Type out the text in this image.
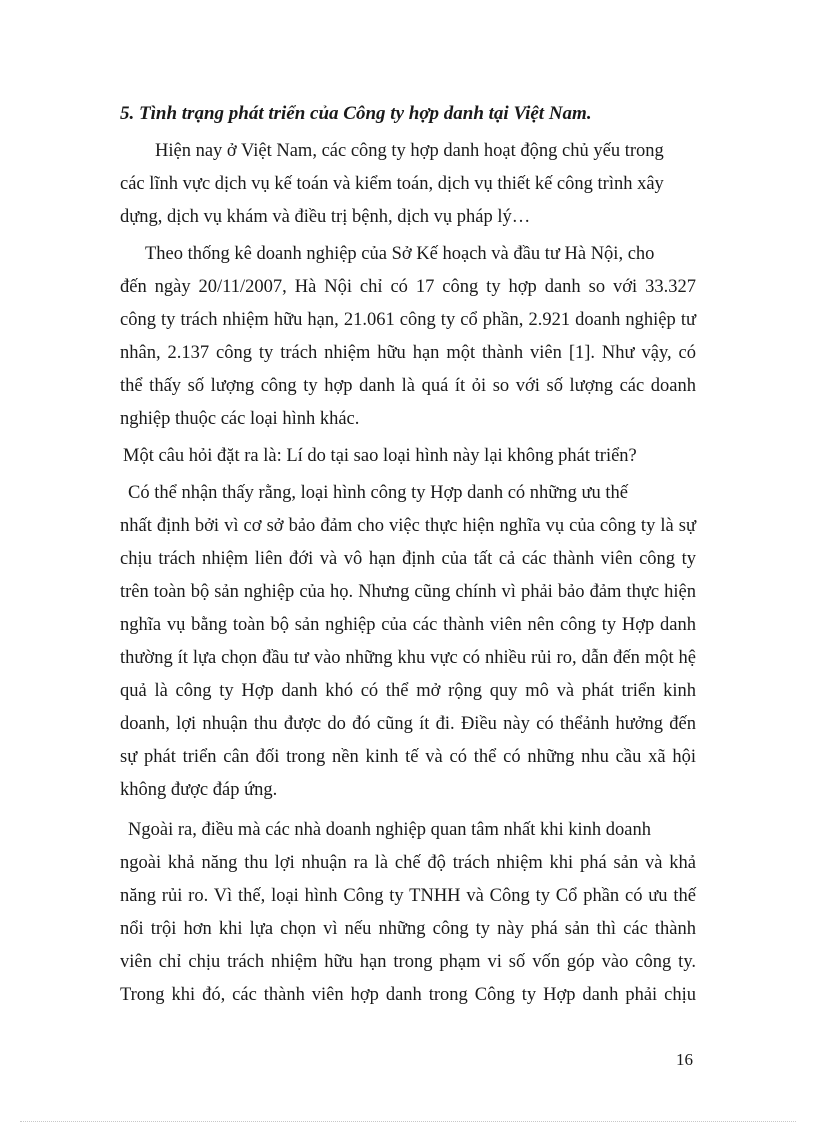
5. Tình trạng phát triển của Công ty hợp danh tại Việt Nam.
Hiện nay ở Việt Nam, các công ty hợp danh hoạt động chủ yếu trong
các lĩnh vực dịch vụ kế toán và kiểm toán, dịch vụ thiết kế công trình xây
dựng, dịch vụ khám và điều trị bệnh, dịch vụ pháp lý…
Theo thống kê doanh nghiệp của Sở Kế hoạch và đầu tư Hà Nội, cho
đến ngày 20/11/2007, Hà Nội chỉ có 17 công ty hợp danh so với 33.327
công ty trách nhiệm hữu hạn, 21.061 công ty cổ phần, 2.921 doanh nghiệp tư
nhân, 2.137 công ty trách nhiệm hữu hạn một thành viên [1]. Như vậy, có
thể thấy số lượng công ty hợp danh là quá ít ỏi so với số lượng các doanh
nghiệp thuộc các loại hình khác.
Một câu hỏi đặt ra là: Lí do tại sao loại hình này lại không phát triển?
Có thể nhận thấy rằng, loại hình công ty Hợp danh có những ưu thế
nhất định bởi vì cơ sở bảo đảm cho việc thực hiện nghĩa vụ của công ty là sự
chịu trách nhiệm liên đới và vô hạn định của tất cả các thành viên công ty
trên toàn bộ sản nghiệp của họ. Nhưng cũng chính vì phải bảo đảm thực hiện
nghĩa vụ bằng toàn bộ sản nghiệp của các thành viên nên công ty Hợp danh
thường ít lựa chọn đầu tư vào những khu vực có nhiều rủi ro, dẫn đến một hệ
quả là công ty Hợp danh khó có thể mở rộng quy mô và phát triển kinh
doanh, lợi nhuận thu được do đó cũng ít đi. Điều này có thểảnh hưởng đến
sự phát triển cân đối trong nền kinh tế và có thể có những nhu cầu xã hội
không được đáp ứng.
Ngoài ra, điều mà các nhà doanh nghiệp quan tâm nhất khi kinh doanh
ngoài khả năng thu lợi nhuận ra là chế độ trách nhiệm khi phá sản và khả
năng rủi ro. Vì thế, loại hình Công ty TNHH và Công ty Cổ phần có ưu thế
nổi trội hơn khi lựa chọn vì nếu những công ty này phá sản thì các thành
viên chỉ chịu trách nhiệm hữu hạn trong phạm vi số vốn góp vào công ty.
Trong khi đó, các thành viên hợp danh trong Công ty Hợp danh phải chịu
16
